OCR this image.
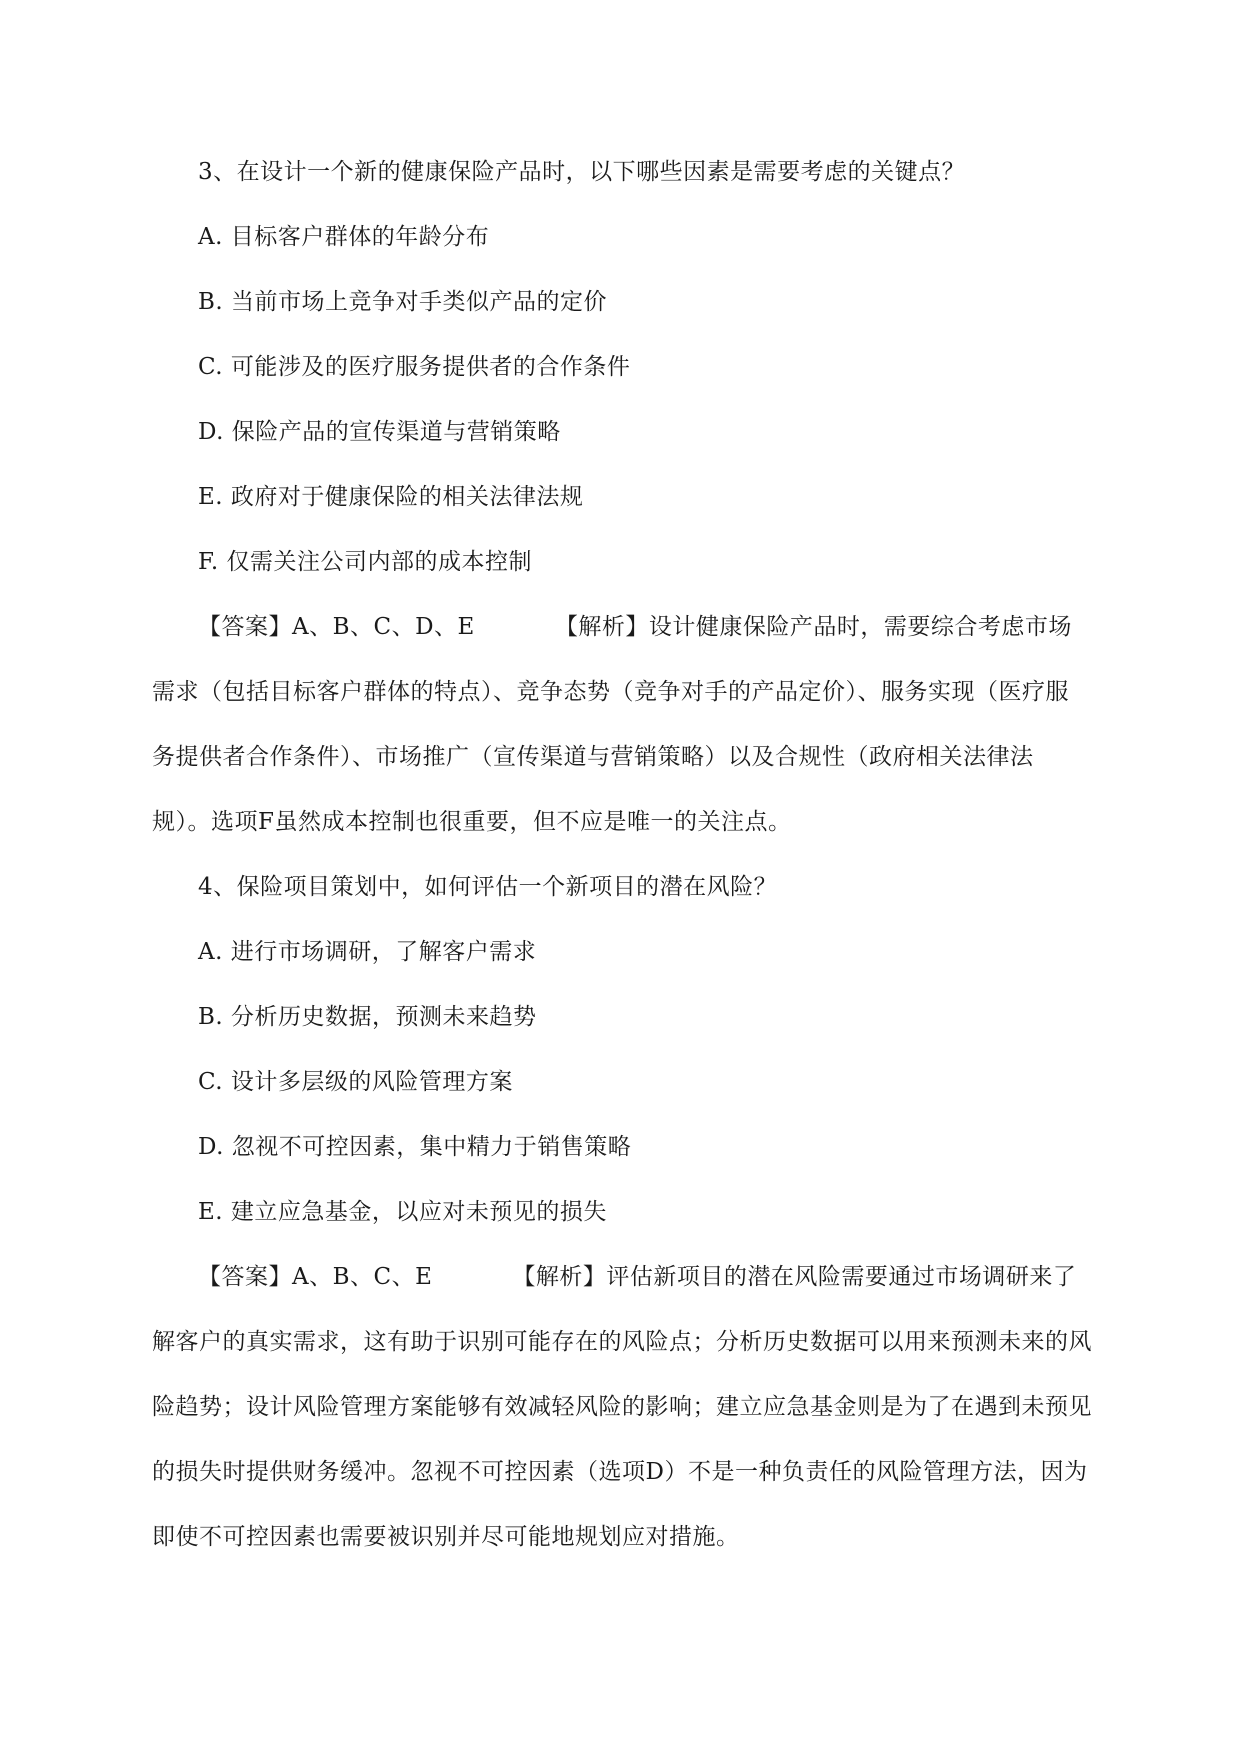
3、在设计一个新的健康保险产品时，以下哪些因素是需要考虑的关键点？
A. 目标客户群体的年龄分布
B. 当前市场上竞争对手类似产品的定价
C. 可能涉及的医疗服务提供者的合作条件
D. 保险产品的宣传渠道与营销策略
E. 政府对于健康保险的相关法律法规
F. 仅需关注公司内部的成本控制
【答案】A、B、C、D、E	【解析】设计健康保险产品时，需要综合考虑市场需求（包括目标客户群体的特点）、竞争态势（竞争对手的产品定价）、服务实现（医疗服务提供者合作条件）、市场推广（宣传渠道与营销策略）以及合规性（政府相关法律法规）。选项F虽然成本控制也很重要，但不应是唯一的关注点。
4、保险项目策划中，如何评估一个新项目的潜在风险？
A. 进行市场调研，了解客户需求
B. 分析历史数据，预测未来趋势
C. 设计多层级的风险管理方案
D. 忽视不可控因素，集中精力于销售策略
E. 建立应急基金，以应对未预见的损失
【答案】A、B、C、E	【解析】评估新项目的潜在风险需要通过市场调研来了解客户的真实需求，这有助于识别可能存在的风险点；分析历史数据可以用来预测未来的风险趋势；设计风险管理方案能够有效减轻风险的影响；建立应急基金则是为了在遇到未预见的损失时提供财务缓冲。忽视不可控因素（选项D）不是一种负责任的风险管理方法，因为即使不可控因素也需要被识别并尽可能地规划应对措施。
